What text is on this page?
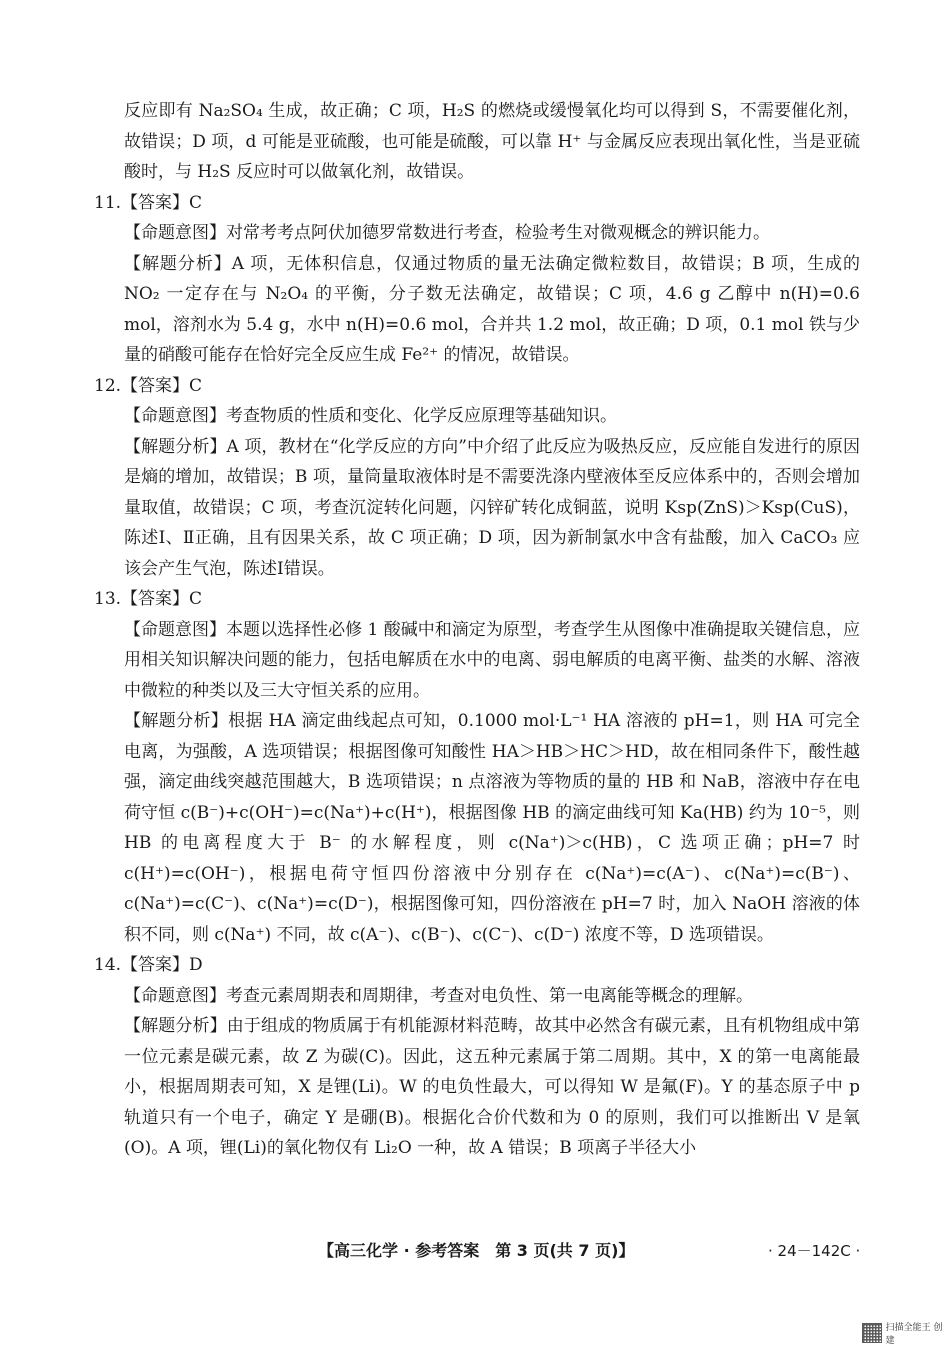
反应即有 Na₂SO₄ 生成，故正确；C 项，H₂S 的燃烧或缓慢氧化均可以得到 S，不需要催化剂，故错误；D 项，d 可能是亚硫酸，也可能是硫酸，可以靠 H⁺ 与金属反应表现出氧化性，当是亚硫酸时，与 H₂S 反应时可以做氧化剂，故错误。

11.【答案】C

【命题意图】对常考考点阿伏加德罗常数进行考查，检验考生对微观概念的辨识能力。

【解题分析】A 项，无体积信息，仅通过物质的量无法确定微粒数目，故错误；B 项，生成的 NO₂ 一定存在与 N₂O₄ 的平衡，分子数无法确定，故错误；C 项，4.6 g 乙醇中 n(H)=0.6 mol，溶剂水为 5.4 g，水中 n(H)=0.6 mol，合并共 1.2 mol，故正确；D 项，0.1 mol 铁与少量的硝酸可能存在恰好完全反应生成 Fe²⁺ 的情况，故错误。

12.【答案】C

【命题意图】考查物质的性质和变化、化学反应原理等基础知识。

【解题分析】A 项，教材在“化学反应的方向”中介绍了此反应为吸热反应，反应能自发进行的原因是熵的增加，故错误；B 项，量筒量取液体时是不需要洗涤内壁液体至反应体系中的，否则会增加量取值，故错误；C 项，考查沉淀转化问题，闪锌矿转化成铜蓝，说明 Ksp(ZnS)＞Ksp(CuS)，陈述Ⅰ、Ⅱ正确，且有因果关系，故 C 项正确；D 项，因为新制氯水中含有盐酸，加入 CaCO₃ 应该会产生气泡，陈述Ⅰ错误。

13.【答案】C

【命题意图】本题以选择性必修 1 酸碱中和滴定为原型，考查学生从图像中准确提取关键信息，应用相关知识解决问题的能力，包括电解质在水中的电离、弱电解质的电离平衡、盐类的水解、溶液中微粒的种类以及三大守恒关系的应用。

【解题分析】根据 HA 滴定曲线起点可知，0.1000 mol·L⁻¹ HA 溶液的 pH=1，则 HA 可完全电离，为强酸，A 选项错误；根据图像可知酸性 HA＞HB＞HC＞HD，故在相同条件下，酸性越强，滴定曲线突越范围越大，B 选项错误；n 点溶液为等物质的量的 HB 和 NaB，溶液中存在电荷守恒 c(B⁻)+c(OH⁻)=c(Na⁺)+c(H⁺)，根据图像 HB 的滴定曲线可知 Ka(HB) 约为 10⁻⁵，则 HB 的电离程度大于 B⁻ 的水解程度，则 c(Na⁺)＞c(HB)，C 选项正确；pH=7 时 c(H⁺)=c(OH⁻)，根据电荷守恒四份溶液中分别存在 c(Na⁺)=c(A⁻)、c(Na⁺)=c(B⁻)、c(Na⁺)=c(C⁻)、c(Na⁺)=c(D⁻)，根据图像可知，四份溶液在 pH=7 时，加入 NaOH 溶液的体积不同，则 c(Na⁺) 不同，故 c(A⁻)、c(B⁻)、c(C⁻)、c(D⁻) 浓度不等，D 选项错误。

14.【答案】D

【命题意图】考查元素周期表和周期律，考查对电负性、第一电离能等概念的理解。

【解题分析】由于组成的物质属于有机能源材料范畴，故其中必然含有碳元素，且有机物组成中第一位元素是碳元素，故 Z 为碳(C)。因此，这五种元素属于第二周期。其中，X 的第一电离能最小，根据周期表可知，X 是锂(Li)。W 的电负性最大，可以得知 W 是氟(F)。Y 的基态原子中 p 轨道只有一个电子，确定 Y 是硼(B)。根据化合价代数和为 0 的原则，我们可以推断出 V 是氧(O)。A 项，锂(Li)的氧化物仅有 Li₂O 一种，故 A 错误；B 项离子半径大小

【高三化学 · 参考答案　第 3 页(共 7 页)】	· 24－142C ·
扫描全能王 创建
